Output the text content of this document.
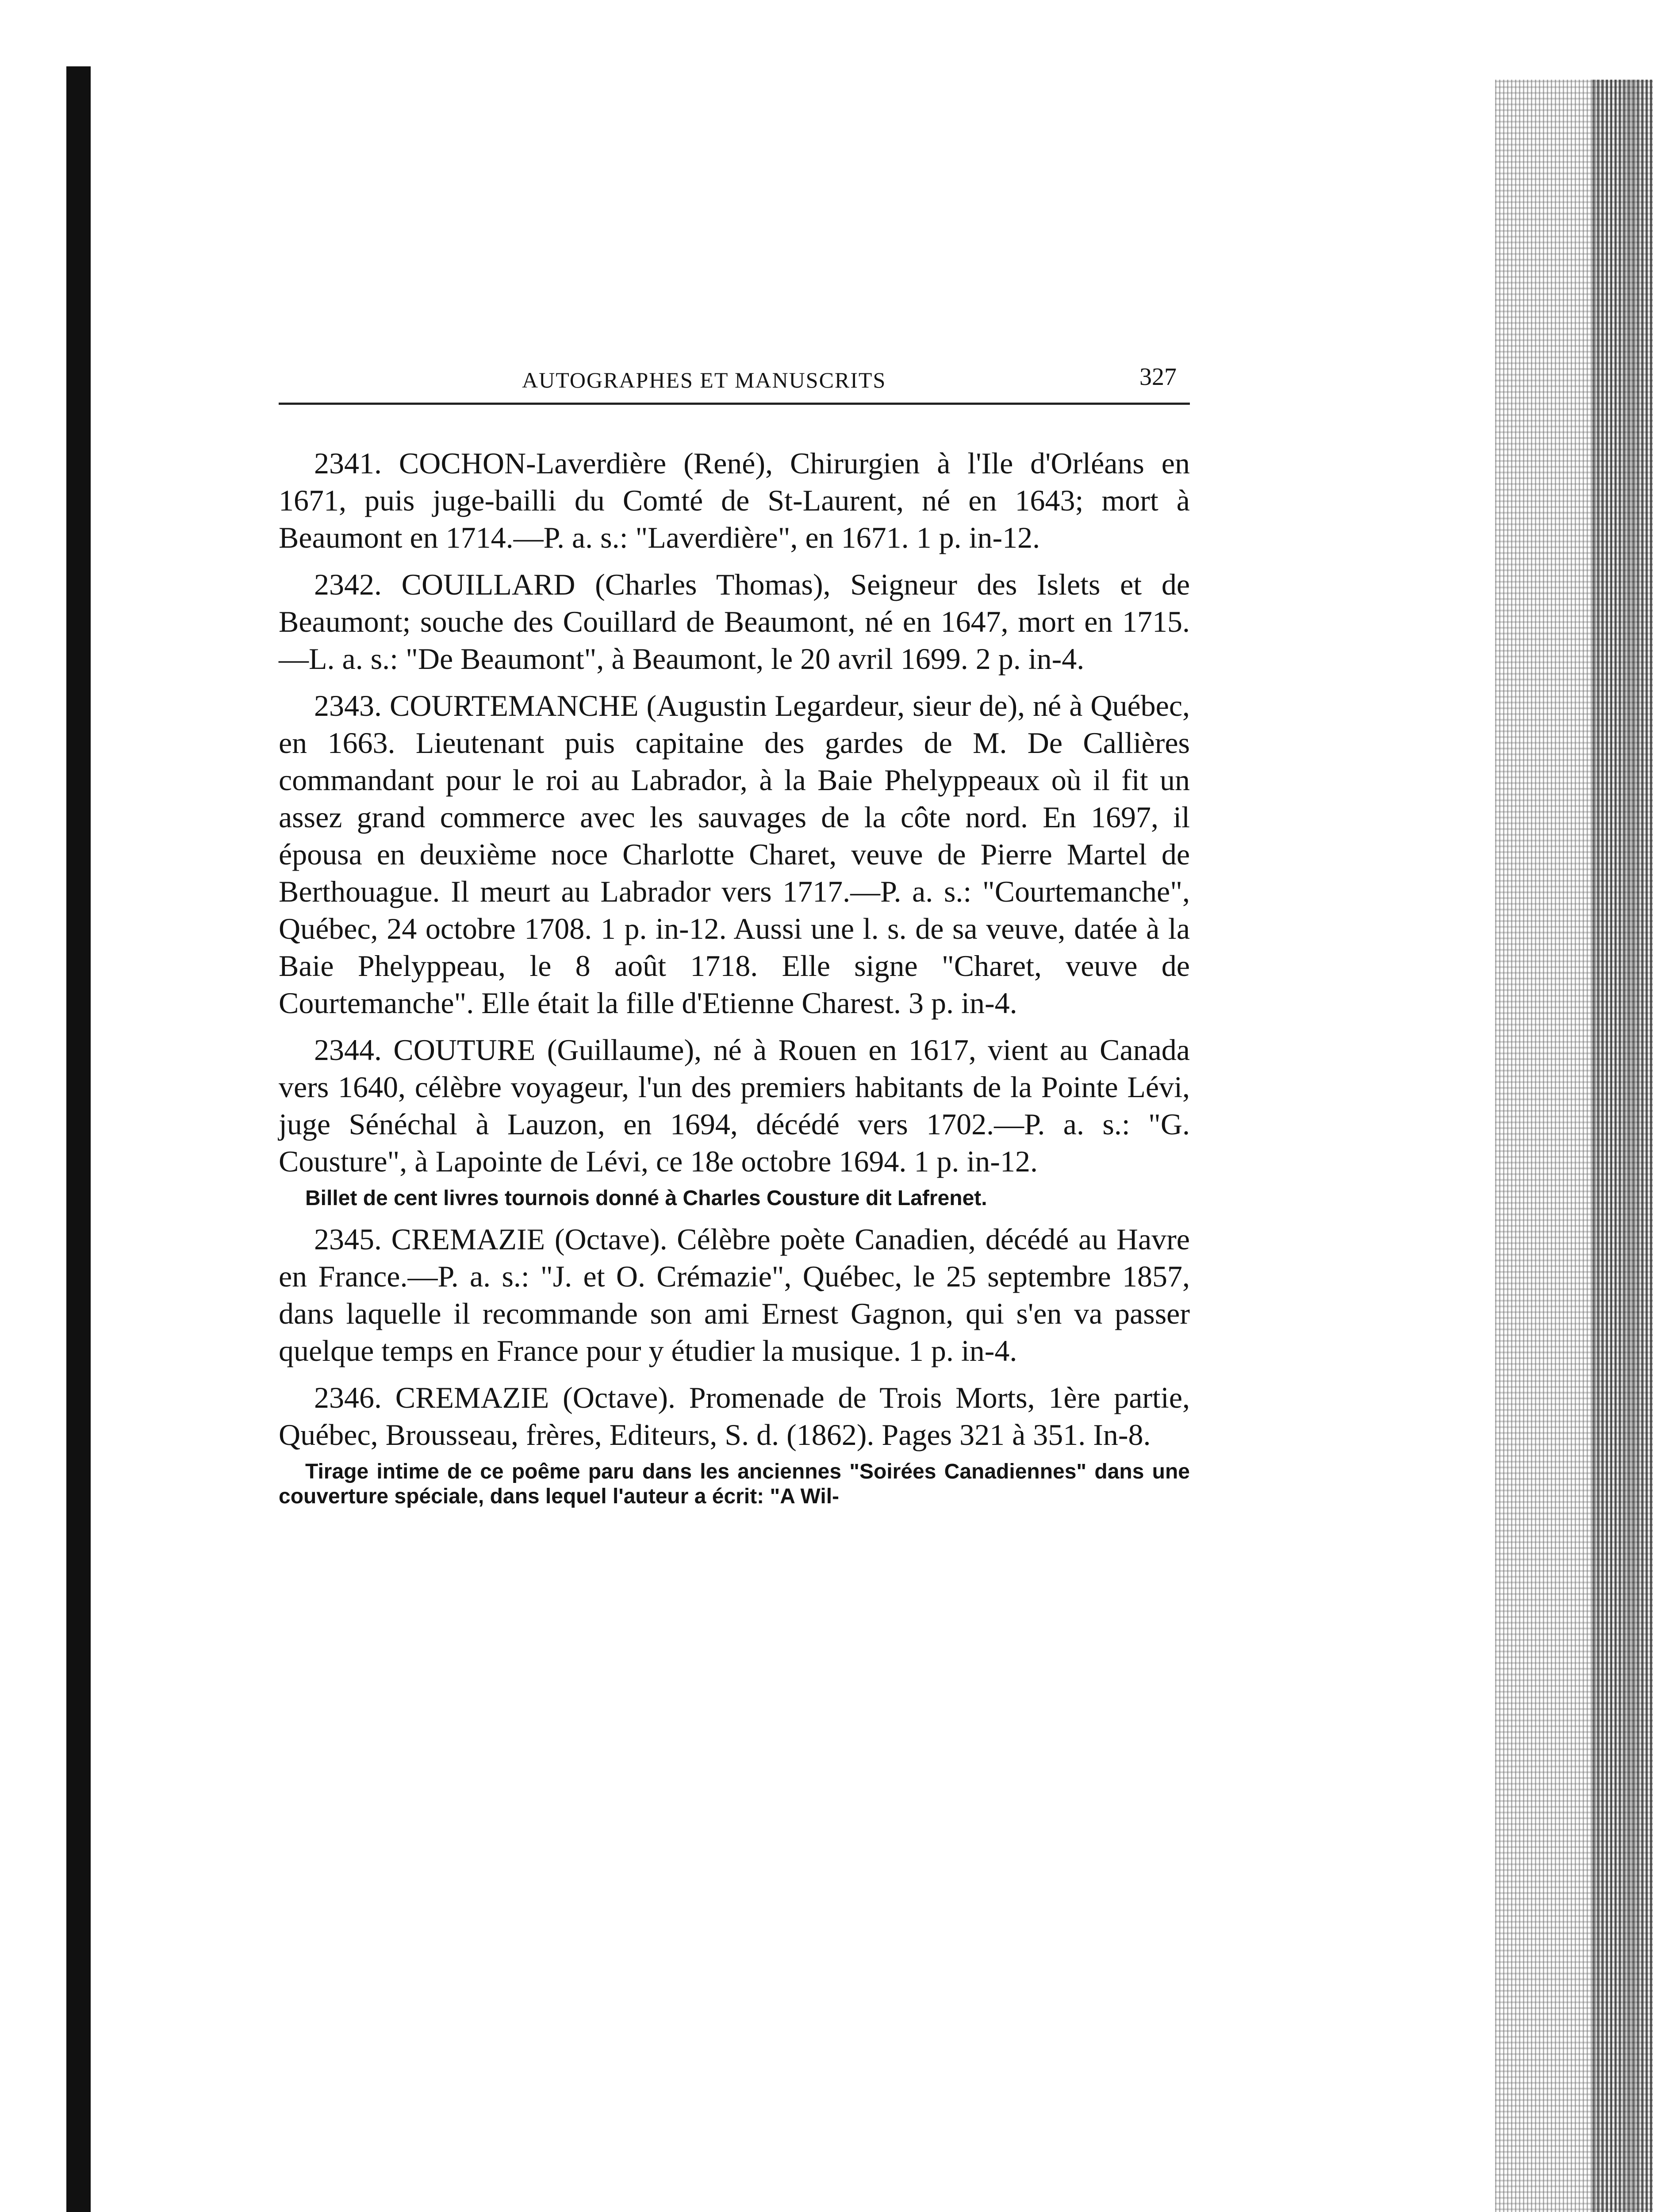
AUTOGRAPHES ET MANUSCRITS	327

2341. COCHON-Laverdière (René), Chirurgien à l'Ile d'Orléans en 1671, puis juge-bailli du Comté de St-Laurent, né en 1643; mort à Beaumont en 1714.—P. a. s.: "Laverdière", en 1671. 1 p. in-12.

2342. COUILLARD (Charles Thomas), Seigneur des Islets et de Beaumont; souche des Couillard de Beaumont, né en 1647, mort en 1715.—L. a. s.: "De Beaumont", à Beaumont, le 20 avril 1699. 2 p. in-4.

2343. COURTEMANCHE (Augustin Legardeur, sieur de), né à Québec, en 1663. Lieutenant puis capitaine des gardes de M. De Callières commandant pour le roi au Labrador, à la Baie Phelyppeaux où il fit un assez grand commerce avec les sauvages de la côte nord. En 1697, il épousa en deuxième noce Charlotte Charet, veuve de Pierre Martel de Berthouague. Il meurt au Labrador vers 1717.—P. a. s.: "Courtemanche", Québec, 24 octobre 1708. 1 p. in-12. Aussi une l. s. de sa veuve, datée à la Baie Phelyppeau, le 8 août 1718. Elle signe "Charet, veuve de Courtemanche". Elle était la fille d'Etienne Charest. 3 p. in-4.

2344. COUTURE (Guillaume), né à Rouen en 1617, vient au Canada vers 1640, célèbre voyageur, l'un des premiers habitants de la Pointe Lévi, juge Sénéchal à Lauzon, en 1694, décédé vers 1702.—P. a. s.: "G. Cousture", à Lapointe de Lévi, ce 18e octobre 1694. 1 p. in-12.

Billet de cent livres tournois donné à Charles Cousture dit Lafrenet.

2345. CREMAZIE (Octave). Célèbre poète Canadien, décédé au Havre en France.—P. a. s.: "J. et O. Crémazie", Québec, le 25 septembre 1857, dans laquelle il recommande son ami Ernest Gagnon, qui s'en va passer quelque temps en France pour y étudier la musique. 1 p. in-4.

2346. CREMAZIE (Octave). Promenade de Trois Morts, 1ère partie, Québec, Brousseau, frères, Editeurs, S. d. (1862). Pages 321 à 351. In-8.

Tirage intime de ce poême paru dans les anciennes "Soirées Canadiennes" dans une couverture spéciale, dans lequel l'auteur a écrit: "A Wil-
